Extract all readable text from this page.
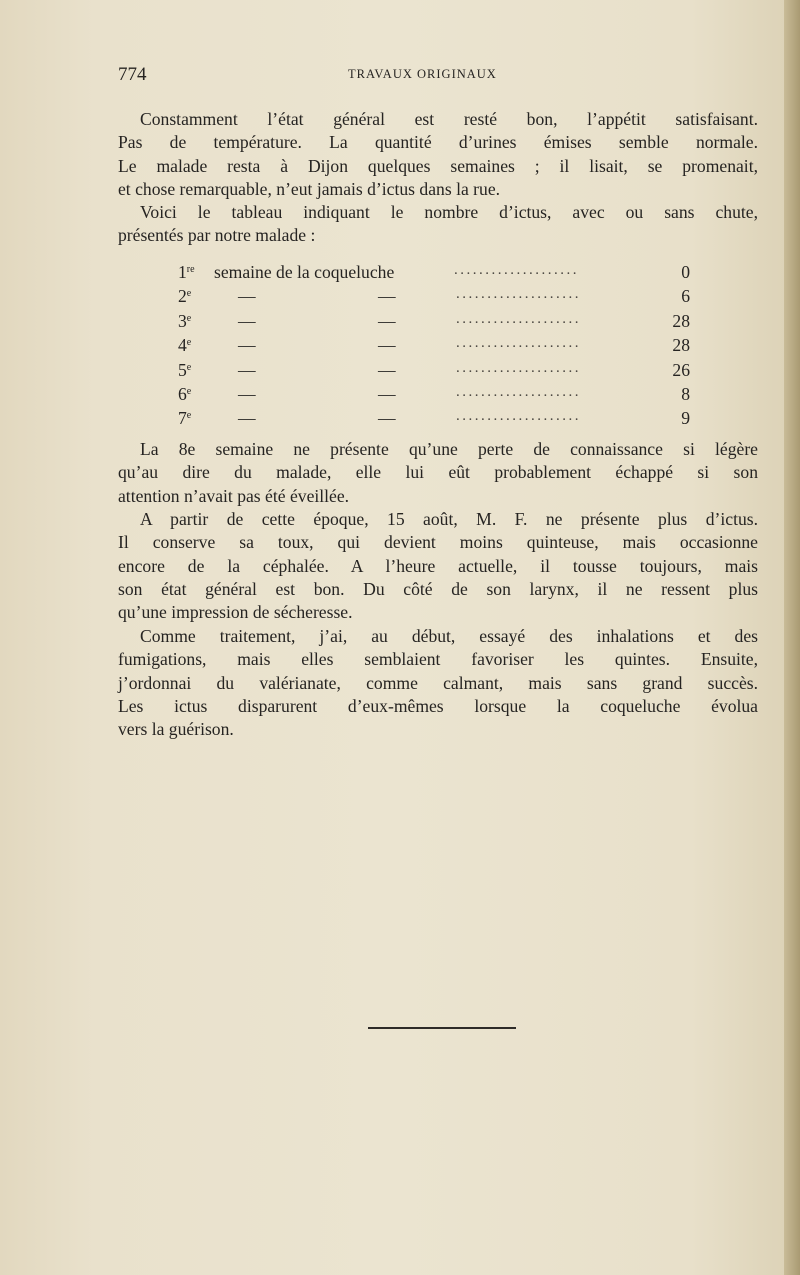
774	TRAVAUX ORIGINAUX
Constamment l’état général est resté bon, l’appétit satisfaisant.
Pas de température. La quantité d’urines émises semble normale.
Le malade resta à Dijon quelques semaines ; il lisait, se promenait,
et chose remarquable, n’eut jamais d’ictus dans la rue.
Voici le tableau indiquant le nombre d’ictus, avec ou sans chute,
présentés par notre malade :
1re semaine de la coqueluche	....................	0
2e	—	—	....................	6
3e	—	—	....................	28
4e	—	—	....................	28
5e	—	—	....................	26
6e	—	—	....................	8
7e	—	—	....................	9
La 8e semaine ne présente qu’une perte de connaissance si légère
qu’au dire du malade, elle lui eût probablement échappé si son
attention n’avait pas été éveillée.
A partir de cette époque, 15 août, M. F. ne présente plus d’ictus.
Il conserve sa toux, qui devient moins quinteuse, mais occasionne
encore de la céphalée. A l’heure actuelle, il tousse toujours, mais
son état général est bon. Du côté de son larynx, il ne ressent plus
qu’une impression de sécheresse.
Comme traitement, j’ai, au début, essayé des inhalations et des
fumigations, mais elles semblaient favoriser les quintes. Ensuite,
j’ordonnai du valérianate, comme calmant, mais sans grand succès.
Les ictus disparurent d’eux-mêmes lorsque la coqueluche évolua
vers la guérison.
